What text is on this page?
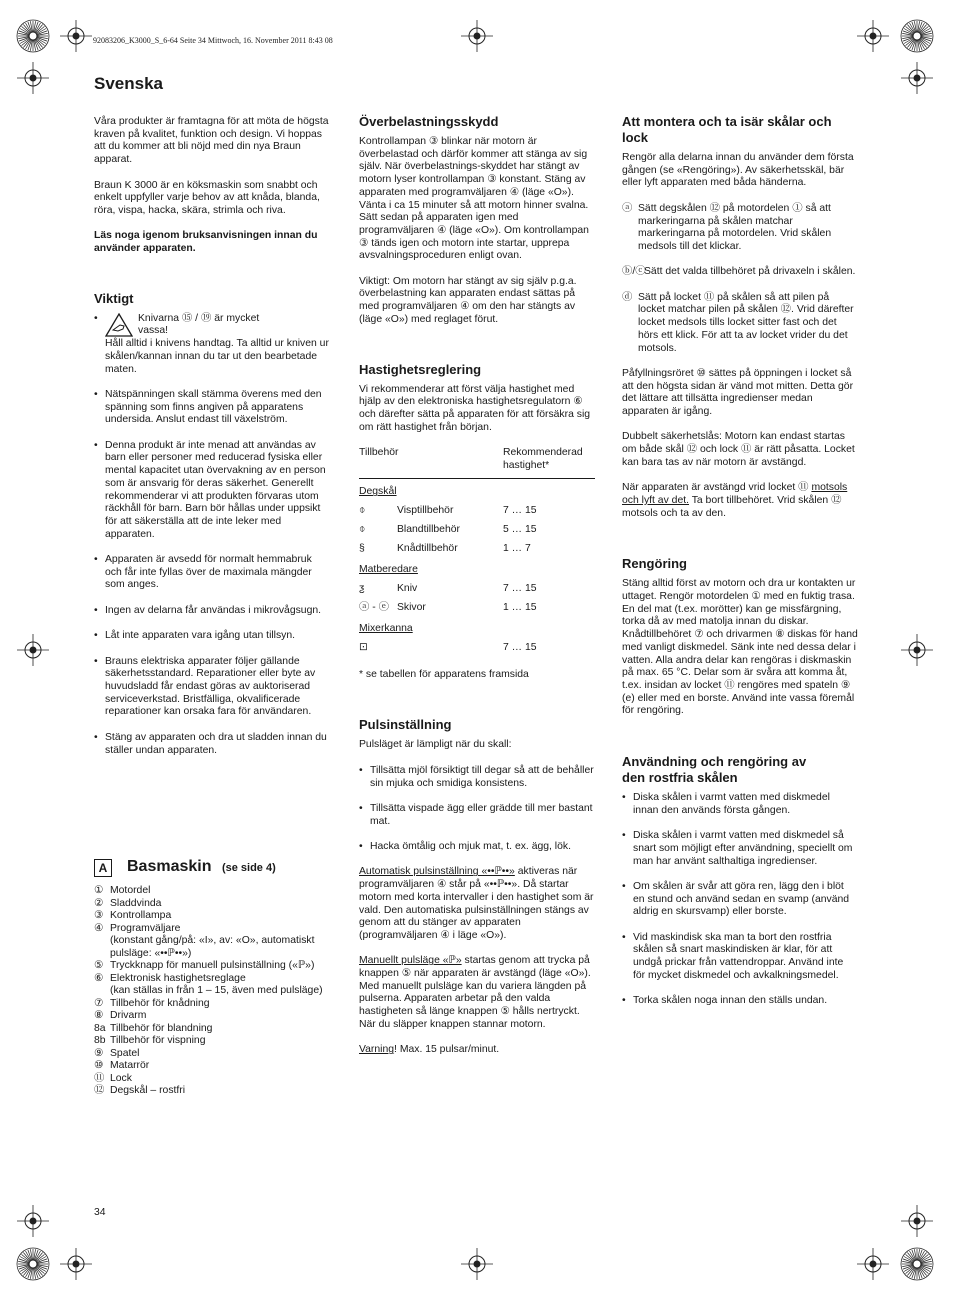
92083206_K3000_S_6-64 Seite 34 Mittwoch, 16. November 2011 8:43 08
Svenska

Våra produkter är framtagna för att möta de högsta kraven på kvalitet, funktion och design. Vi hoppas att du kommer att bli nöjd med din nya Braun apparat.

Braun K 3000 är en köksmaskin som snabbt och enkelt uppfyller varje behov av att knåda, blanda, röra, vispa, hacka, skära, strimla och riva.

Läs noga igenom bruksanvisningen innan du använder apparaten.

Viktigt
• Knivarna ⑮ / ⑲ är mycket
vassa!
Håll alltid i knivens handtag. Ta alltid ur kniven ur skålen/kannan innan du tar ut den bearbetade maten.
• Nätspänningen skall stämma överens med den spänning som finns angiven på apparatens undersida. Anslut endast till växelström.
• Denna produkt är inte menad att användas av barn eller personer med reducerad fysiska eller mental kapacitet utan övervakning av en person som är ansvarig för deras säkerhet. Generellt rekommenderar vi att produkten förvaras utom räckhåll för barn. Barn bör hållas under uppsikt för att säkerställa att de inte leker med apparaten.
• Apparaten är avsedd för normalt hemmabruk och får inte fyllas över de maximala mängder som anges.
• Ingen av delarna får användas i mikrovågsugn.
• Låt inte apparaten vara igång utan tillsyn.
• Brauns elektriska apparater följer gällande säkerhetsstandard. Reparationer eller byte av huvudsladd får endast göras av auktoriserad serviceverkstad. Bristfälliga, okvalificerade reparationer kan orsaka fara för användaren.
• Stäng av apparaten och dra ut sladden innan du ställer undan apparaten.
A Basmaskin (se side 4)
① Motordel
② Sladdvinda
③ Kontrollampa
④ Programväljare
(konstant gång/på: «I», av: «O», automatiskt pulsläge: «••ℙ••»)
⑤ Tryckknapp för manuell pulsinställning («ℙ»)
⑥ Elektronisk hastighetsreglage
(kan ställas in från 1 – 15, även med pulsläge)
⑦ Tillbehör för knådning
⑧ Drivarm
8a Tillbehör för blandning
8b Tillbehör för vispning
⑨ Spatel
⑩ Matarrör
⑪ Lock
⑫ Degskål – rostfri
Överbelastningsskydd

Kontrollampan ③ blinkar när motorn är överbelastad och därför kommer att stänga av sig själv. När överbelastnings-skyddet har stängt av motorn lyser kontrollampan ③ konstant. Stäng av apparaten med programväljaren ④ (läge «O»). Vänta i ca 15 minuter så att motorn hinner svalna. Sätt sedan på apparaten igen med programväljaren ④ (läge «O»). Om kontrollampan ③ tänds igen och motorn inte startar, upprepa avsvalningsproceduren enligt ovan.

Viktigt: Om motorn har stängt av sig själv p.g.a. överbelastning kan apparaten endast sättas på med programväljaren ④ om den har stängts av (läge «O») med reglaget förut.

Hastighetsreglering

Vi rekommenderar att först välja hastighet med hjälp av den elektroniska hastighetsregulatorn ⑥ och därefter sätta på apparaten för att försäkra sig om rätt hastighet från början.

Tillbehör	Rekommenderad hastighet*
Degskål
⌽	Visptillbehör	7 … 15
⌽	Blandtillbehör	5 … 15
§	Knådtillbehör	1 … 7
Matberedare
ƺ	Kniv	7 … 15
ⓐ - ⓔ Skivor	1 … 15
Mixerkanna
⊡	7 … 15

* se tabellen för apparatens framsida

Pulsinställning

Pulsläget är lämpligt när du skall:

• Tillsätta mjöl försiktigt till degar så att de behåller sin mjuka och smidiga konsistens.
• Tillsätta vispade ägg eller grädde till mer bastant mat.
• Hacka ömtålig och mjuk mat, t. ex. ägg, lök.

Automatisk pulsinställning «••ℙ••» aktiveras när programväljaren ④ står på «••ℙ••». Då startar motorn med korta intervaller i den hastighet som är vald. Den automatiska pulsinställningen stängs av genom att du stänger av apparaten (programväljaren ④ i läge «O»).

Manuellt pulsläge «ℙ» startas genom att trycka på knappen ⑤ när apparaten är avstängd (läge «O»). Med manuellt pulsläge kan du variera längden på pulserna. Apparaten arbetar på den valda hastigheten så länge knappen ⑤ hålls nertryckt. När du släpper knappen stannar motorn.

Varning! Max. 15 pulsar/minut.

Att montera och ta isär skålar och lock

Rengör alla delarna innan du använder dem första gången (se «Rengöring»). Av säkerhetsskäl, bär eller lyft apparaten med båda händerna.

ⓐ Sätt degskålen ⑫ på motordelen ① så att markeringarna på skålen matchar markeringarna på motordelen. Vrid skålen medsols till det klickar.
ⓑ/ⓒ
Sätt det valda tillbehöret på drivaxeln i skålen.
ⓓ Sätt på locket ⑪ på skålen så att pilen på locket matchar pilen på skålen ⑫. Vrid därefter locket medsols tills locket sitter fast och det hörs ett klick. För att ta av locket vrider du det motsols.

Påfyllningsröret ⑩ sättes på öppningen i locket så att den högsta sidan är vänd mot mitten. Detta gör det lättare att tillsätta ingredienser medan apparaten är igång.

Dubbelt säkerhetslås: Motorn kan endast startas om både skål ⑫ och lock ⑪ är rätt påsatta. Locket kan bara tas av när motorn är avstängd.

När apparaten är avstängd vrid locket ⑪ motsols och lyft av det. Ta bort tillbehöret. Vrid skålen ⑫ motsols och ta av den.

Rengöring

Stäng alltid först av motorn och dra ur kontakten ur uttaget. Rengör motordelen ① med en fuktig trasa. En del mat (t.ex. morötter) kan ge missfärgning, torka då av med matolja innan du diskar. Knådtillbehöret ⑦ och drivarmen ⑧ diskas för hand med vanligt diskmedel. Sänk inte ned dessa delar i vatten. Alla andra delar kan rengöras i diskmaskin på max. 65 °C. Delar som är svåra att komma åt, t.ex. insidan av locket ⑪ rengöres med spateln ⑨ (e) eller med en borste. Använd inte vassa föremål för rengöring.

Användning och rengöring av den rostfria skålen
• Diska skålen i varmt vatten med diskmedel innan den används första gången.
• Diska skålen i varmt vatten med diskmedel så snart som möjligt efter användning, speciellt om man har använt salthaltiga ingredienser.
• Om skålen är svår att göra ren, lägg den i blöt en stund och använd sedan en svamp (använd aldrig en skursvamp) eller borste.
• Vid maskindisk ska man ta bort den rostfria skålen så snart maskindisken är klar, för att undgå prickar från vattendroppar. Använd inte för mycket diskmedel och avkalkningsmedel.
• Torka skålen noga innan den ställs undan.
34
